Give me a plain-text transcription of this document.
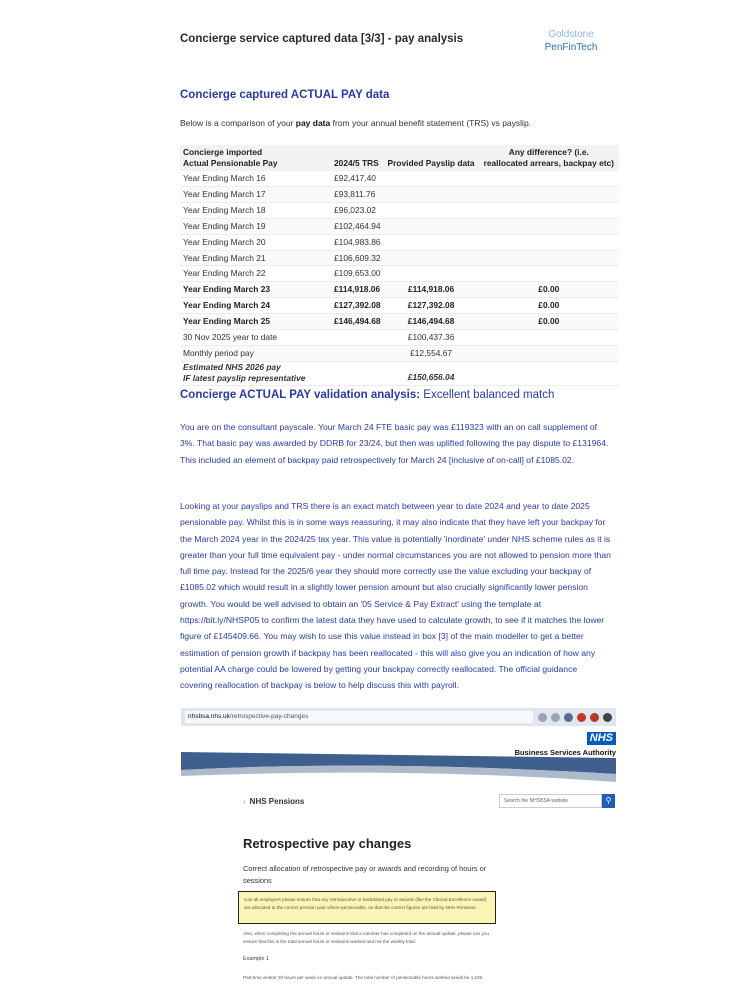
Concierge service captured data [3/3] - pay analysis	Goldstone
PenFinTech
Concierge captured ACTUAL PAY data
Below is a comparison of your pay data from your annual benefit statement (TRS) vs payslip.
Concierge imported
Actual Pensionable Pay	2024/5 TRS	Provided Payslip data	Any difference? (i.e.
reallocated arrears, backpay etc)
Year Ending March 16	£92,417.40		
Year Ending March 17	£93,811.76		
Year Ending March 18	£96,023.02		
Year Ending March 19	£102,464.94		
Year Ending March 20	£104,983.86		
Year Ending March 21	£106,609.32		
Year Ending March 22	£109,653.00		
Year Ending March 23	£114,918.06	£114,918.06	£0.00
Year Ending March 24	£127,392.08	£127,392.08	£0.00
Year Ending March 25	£146,494.68	£146,494.68	£0.00
30 Nov 2025 year to date		£100,437.36	
Monthly period pay		£12,554.67	
Estimated NHS 2026 pay
IF latest payslip representative		£150,656.04	
Concierge ACTUAL PAY validation analysis: Excellent balanced match
You are on the consultant payscale. Your March 24 FTE basic pay was £119323 with an on call supplement of 3%. That basic pay was awarded by DDRB for 23/24, but then was uplifted following the pay dispute to £131964. This included an element of backpay paid retrospectively for March 24 [inclusive of on-call] of £1085.02.
Looking at your payslips and TRS there is an exact match between year to date 2024 and year to date 2025 pensionable pay. Whilst this is in some ways reassuring, it may also indicate that they have left your backpay for the March 2024 year in the 2024/25 tax year. This value is potentially 'inordinate' under NHS scheme rules as it is greater than your full time equivalent pay - under normal circumstances you are not allowed to pension more than full time pay. Instead for the 2025/6 year they should more correctly use the value excluding your backpay of £1085.02 which would result in a slightly lower pension amount but also crucially significantly lower pension growth. You would be well advised to obtain an '05 Service & Pay Extract' using the template at https://bit.ly/NHSP05 to confirm the latest data they have used to calculate growth, to see if it matches the lower figure of £145409.66. You may wish to use this value instead in box [3] of the main modeller to get a better estimation of pension growth if backpay has been reallocated - this will also give you an indication of how any potential AA charge could be lowered by getting your backpay correctly reallocated. The official guidance covering reallocation of backpay is below to help discuss this with payroll.
nhsbsa.nhs.uk/retrospective-pay-changes
NHS
Business Services Authority
‹ NHS Pensions	Search the NHSBSA website	⚲
Retrospective pay changes
Correct allocation of retrospective pay or awards and recording of hours or sessions
Can all employers please ensure that any retrospective or backdated pay or awards (like the Clinical Excellence Award) are allocated to the correct pension year where pensionable, so that the correct figures are held by NHS Pensions.
Also, when completing the annual hours or sessions that a member has completed on the annual update, please can you ensure that this is the total annual hours or sessions worked and not the weekly total.
Example 1
Part-time worker 20 hours per week on annual update. The total number of pensionable hours worked would be 1,040.
